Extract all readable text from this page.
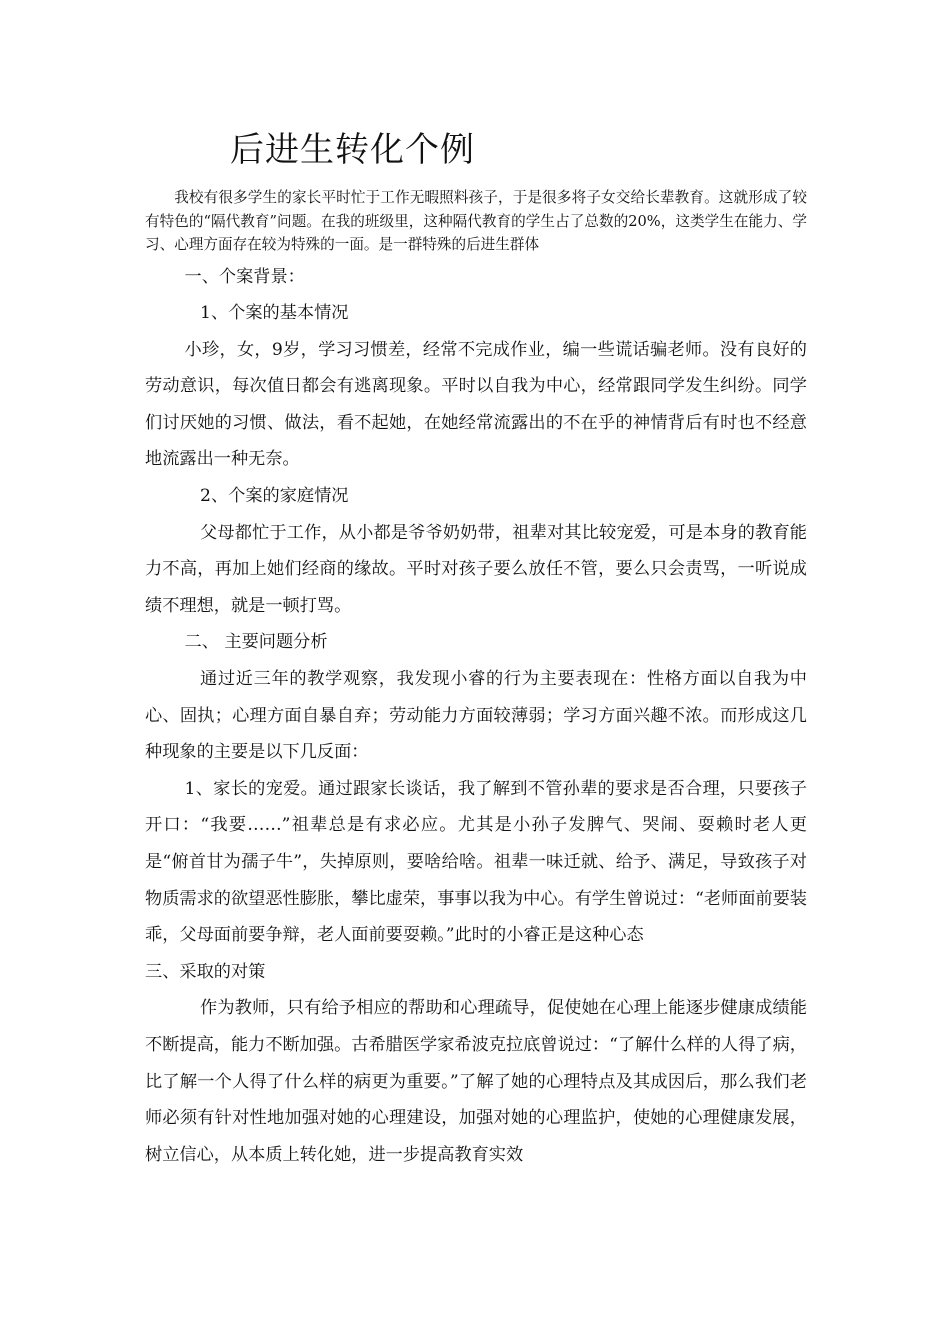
后进生转化个例

我校有很多学生的家长平时忙于工作无暇照料孩子，于是很多将子女交给长辈教育。这就形成了较有特色的“隔代教育”问题。在我的班级里，这种隔代教育的学生占了总数的20%，这类学生在能力、学习、心理方面存在较为特殊的一面。是一群特殊的后进生群体

一、个案背景：

1、个案的基本情况

小珍，女，9岁，学习习惯差，经常不完成作业，编一些谎话骗老师。没有良好的劳动意识，每次值日都会有逃离现象。平时以自我为中心，经常跟同学发生纠纷。同学们讨厌她的习惯、做法，看不起她，在她经常流露出的不在乎的神情背后有时也不经意地流露出一种无奈。

2、个案的家庭情况

父母都忙于工作，从小都是爷爷奶奶带，祖辈对其比较宠爱，可是本身的教育能力不高，再加上她们经商的缘故。平时对孩子要么放任不管，要么只会责骂，一听说成绩不理想，就是一顿打骂。

二、 主要问题分析

通过近三年的教学观察，我发现小睿的行为主要表现在：性格方面以自我为中心、固执；心理方面自暴自弃；劳动能力方面较薄弱；学习方面兴趣不浓。而形成这几种现象的主要是以下几反面：

1、家长的宠爱。通过跟家长谈话，我了解到不管孙辈的要求是否合理，只要孩子开口：“我要……”祖辈总是有求必应。尤其是小孙子发脾气、哭闹、耍赖时老人更是“俯首甘为孺子牛”，失掉原则，要啥给啥。祖辈一味迁就、给予、满足，导致孩子对物质需求的欲望恶性膨胀，攀比虚荣，事事以我为中心。有学生曾说过：“老师面前要装乖，父母面前要争辩，老人面前要耍赖。”此时的小睿正是这种心态

三、采取的对策

作为教师，只有给予相应的帮助和心理疏导，促使她在心理上能逐步健康成绩能不断提高，能力不断加强。古希腊医学家希波克拉底曾说过：“了解什么样的人得了病，比了解一个人得了什么样的病更为重要。”了解了她的心理特点及其成因后，那么我们老师必须有针对性地加强对她的心理建设，加强对她的心理监护，使她的心理健康发展，树立信心，从本质上转化她，进一步提高教育实效
